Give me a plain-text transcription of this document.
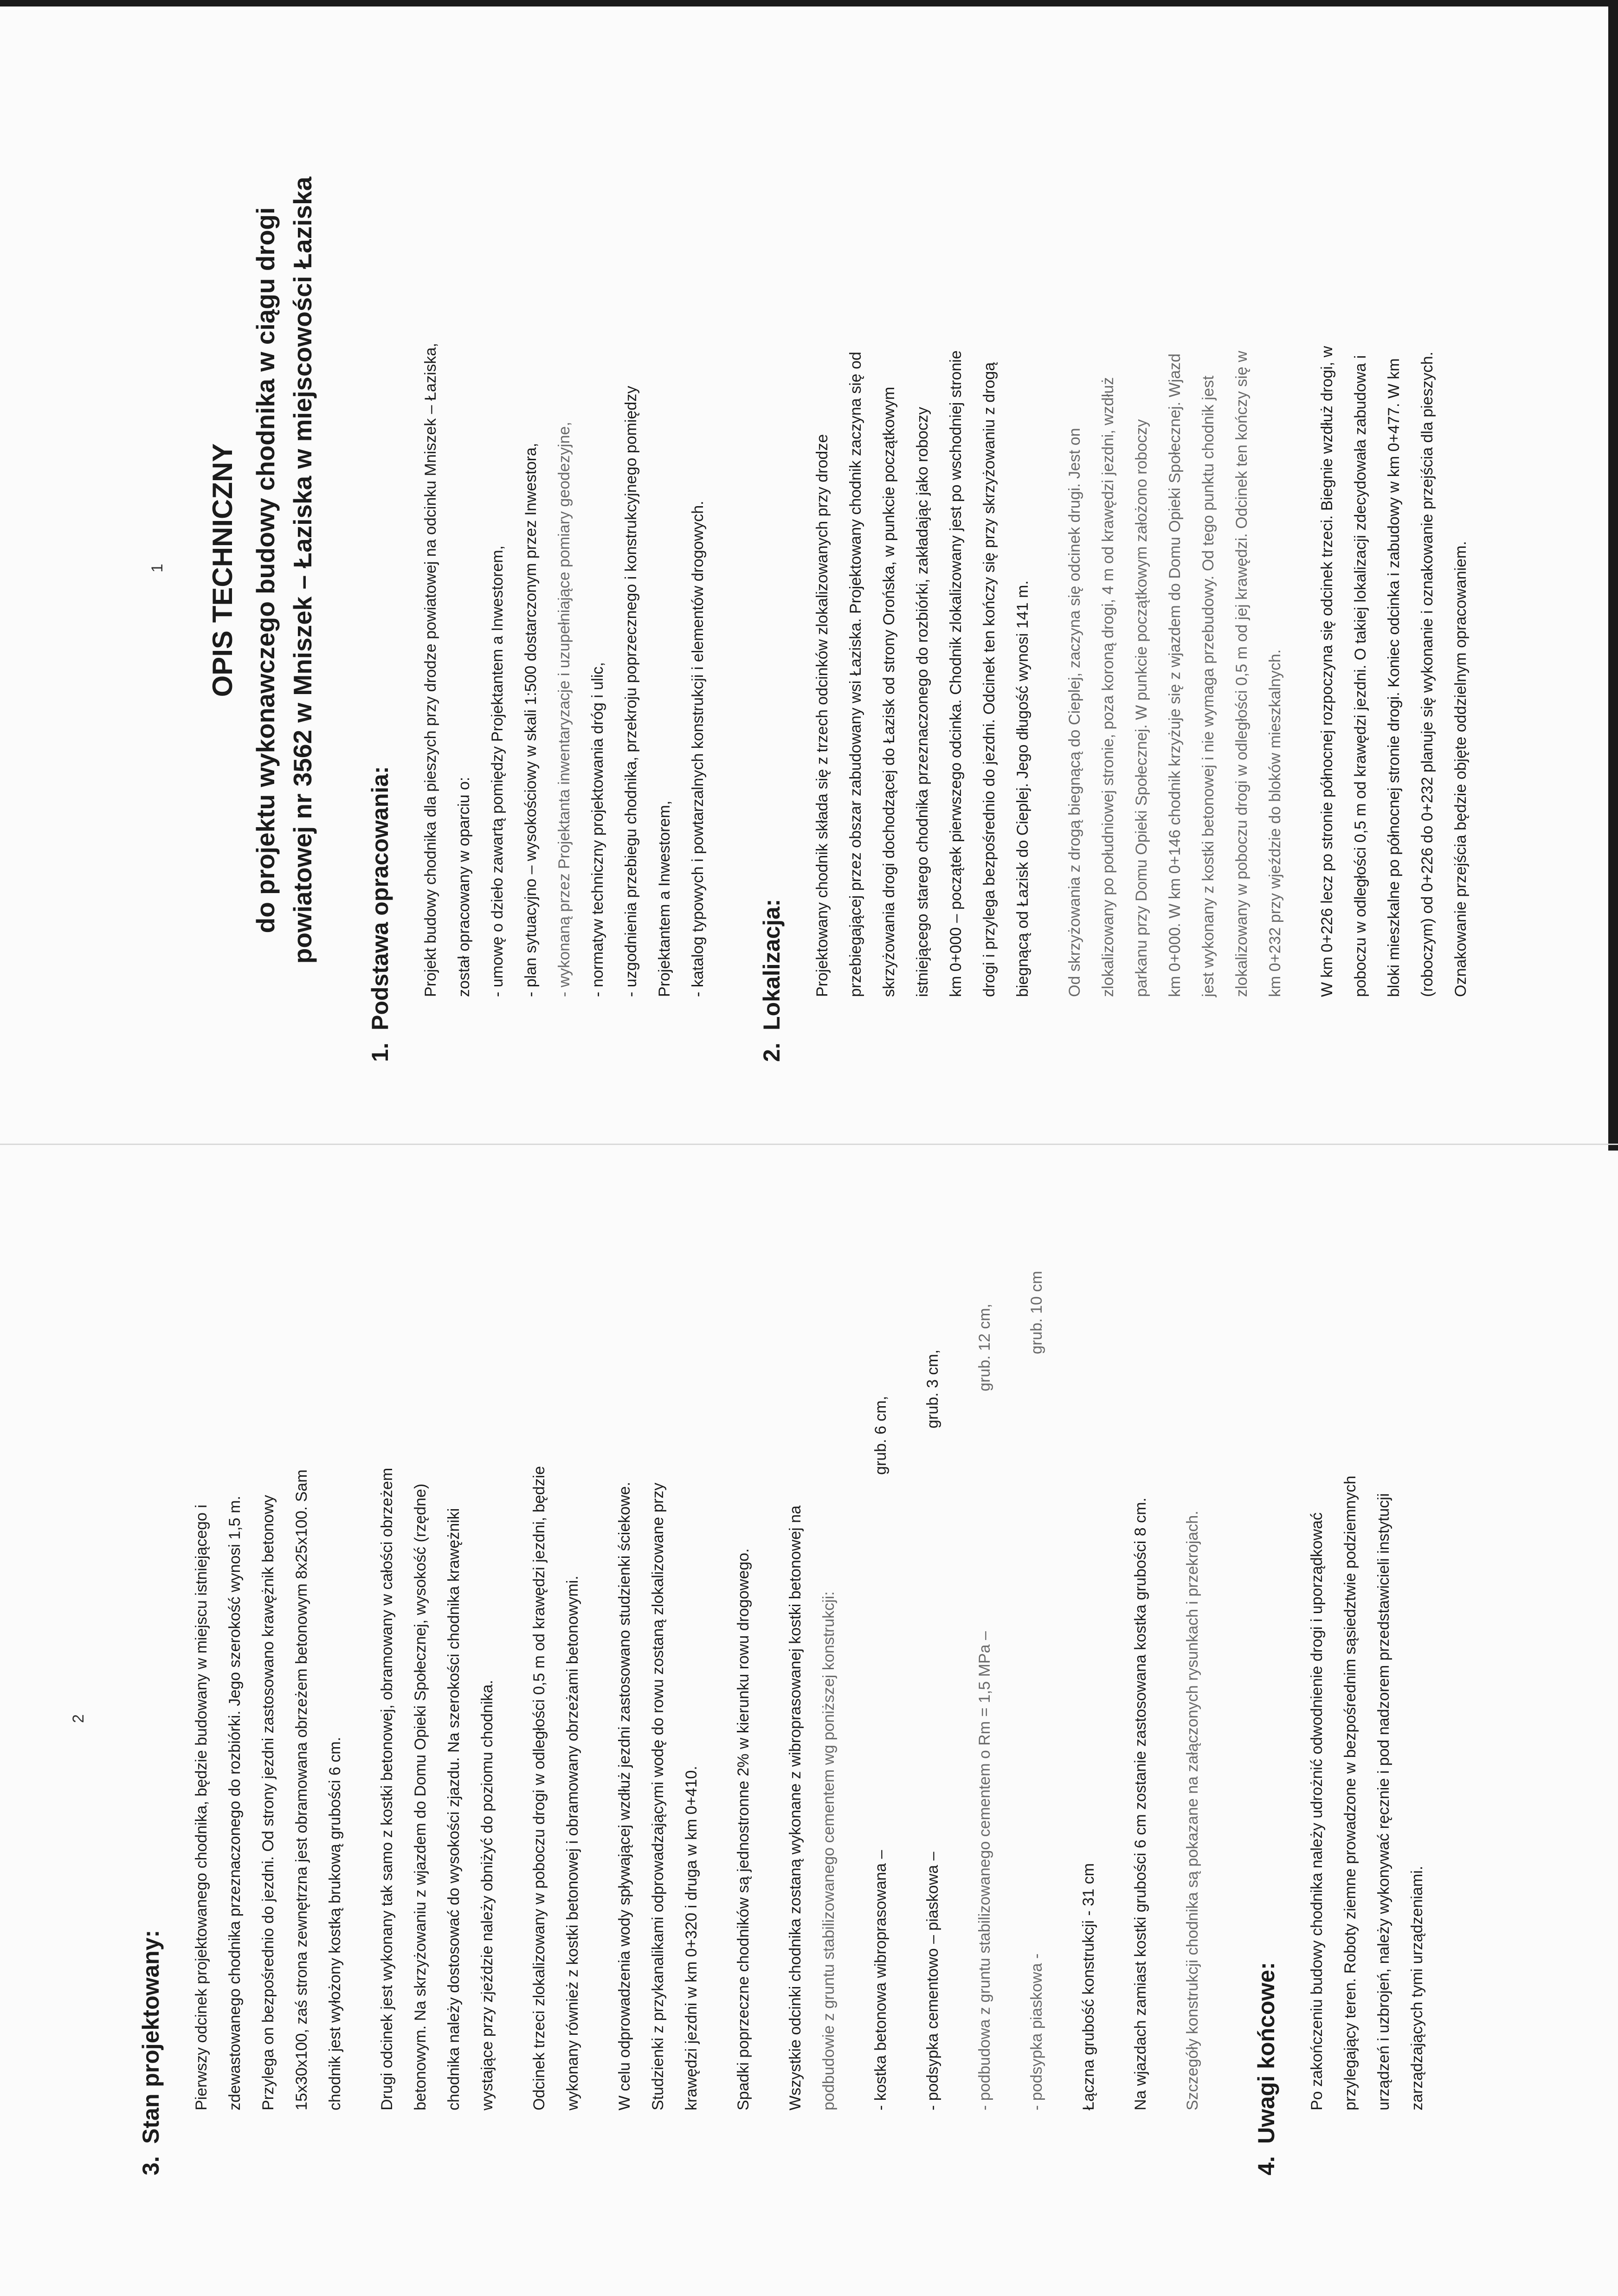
1 OPIS TECHNICZNY do projektu wykonawczego budowy chodnika w ciągu drogi powiatowej nr 3562 w Mniszek – Łaziska w miejscowości Łaziska
1.Podstawa opracowania:	Projekt budowy chodnika dla pieszych przy drodze powiatowej na odcinku Mniszek – Łaziska,	został opracowany w oparciu o:	- umowę o dzieło zawartą pomiędzy Projektantem a Inwestorem,	- plan sytuacyjno – wysokościowy w skali 1:500 dostarczonym przez Inwestora,	- wykonaną przez Projektanta inwentaryzacje i uzupełniające pomiary geodezyjne,	- normatyw techniczny projektowania dróg i ulic,	- uzgodnienia przebiegu chodnika, przekroju poprzecznego i konstrukcyjnego pomiędzy	Projektantem a Inwestorem,	- katalog typowych i powtarzalnych konstrukcji i elementów drogowych.
2.Lokalizacja:	Projektowany chodnik składa się z trzech odcinków zlokalizowanych przy drodze	przebiegającej przez obszar zabudowany wsi Łaziska. Projektowany chodnik zaczyna się od	skrzyżowania drogi dochodzącej do Łazisk od strony Orońska, w punkcie początkowym	istniejącego starego chodnika przeznaczonego do rozbiórki, zakładając jako roboczy	km 0+000 – początek pierwszego odcinka. Chodnik zlokalizowany jest po wschodniej stronie	drogi i przylega bezpośrednio do jezdni. Odcinek ten kończy się przy skrzyżowaniu z drogą	biegnącą od Łazisk do Cieplej. Jego długość wynosi 141 m.	Od skrzyżowania z drogą biegnącą do Cieplej, zaczyna się odcinek drugi. Jest on	zlokalizowany po południowej stronie, poza koroną drogi, 4 m od krawędzi jezdni, wzdłuż	parkanu przy Domu Opieki Społecznej. W punkcie początkowym założono roboczy	km 0+000. W km 0+146 chodnik krzyżuje się z wjazdem do Domu Opieki Społecznej. Wjazd	jest wykonany z kostki betonowej i nie wymaga przebudowy. Od tego punktu chodnik jest	zlokalizowany w poboczu drogi w odległości 0,5 m od jej krawędzi. Odcinek ten kończy się w	km 0+232 przy wjeździe do bloków mieszkalnych.	W km 0+226 lecz po stronie północnej rozpoczyna się odcinek trzeci. Biegnie wzdłuż drogi, w	poboczu w odległości 0,5 m od krawędzi jezdni. O takiej lokalizacji zdecydowała zabudowa i	bloki mieszkalne po północnej stronie drogi. Koniec odcinka i zabudowy w km 0+477. W km	(roboczym) od 0+226 do 0+232 planuje się wykonanie i oznakowanie przejścia dla pieszych.	Oznakowanie przejścia będzie objęte oddzielnym opracowaniem.
2
3.Stan projektowany:	Pierwszy odcinek projektowanego chodnika, będzie budowany w miejscu istniejącego i	zdewastowanego chodnika przeznaczonego do rozbiórki. Jego szerokość wynosi 1,5 m.	Przylega on bezpośrednio do jezdni. Od strony jezdni zastosowano krawężnik betonowy	15x30x100, zaś strona zewnętrzna jest obramowana obrzeżem betonowym 8x25x100. Sam	chodnik jest wyłożony kostką brukową grubości 6 cm.	Drugi odcinek jest wykonany tak samo z kostki betonowej, obramowany w całości obrzeżem	betonowym. Na skrzyżowaniu z wjazdem do Domu Opieki Społecznej, wysokość (rzędne)	chodnika należy dostosować do wysokości zjazdu. Na szerokości chodnika krawężniki	wystające przy zjeździe należy obniżyć do poziomu chodnika.	Odcinek trzeci zlokalizowany w poboczu drogi w odległości 0,5 m od krawędzi jezdni, będzie	wykonany również z kostki betonowej i obramowany obrzeżami betonowymi.	W celu odprowadzenia wody spływającej wzdłuż jezdni zastosowano studzienki ściekowe.	Studzienki z przykanalikami odprowadzającymi wodę do rowu zostaną zlokalizowane przy	krawędzi jezdni w km 0+320 i druga w km 0+410.	Spadki poprzeczne chodników są jednostronne 2% w kierunku rowu drogowego.	Wszystkie odcinki chodnika zostaną wykonane z wibroprasowanej kostki betonowej na	podbudowie z gruntu stabilizowanego cementem wg poniższej konstrukcji:	- kostka betonowa wibroprasowana –
grub. 6 cm,
- podsypka cementowo – piaskowa –
grub. 3 cm,
- podbudowa z gruntu stabilizowanego cementem o Rm = 1,5 MPa –
grub. 12 cm,
- podsypka piaskowa -
grub. 10 cm
Łączna grubość konstrukcji - 31 cm	Na wjazdach zamiast kostki grubości 6 cm zostanie zastosowana kostka grubości 8 cm.	Szczegóły konstrukcji chodnika są pokazane na załączonych rysunkach i przekrojach.
4.Uwagi końcowe:	Po zakończeniu budowy chodnika należy udrożnić odwodnienie drogi i uporządkować	przylegający teren. Roboty ziemne prowadzone w bezpośrednim sąsiedztwie podziemnych	urządzeń i uzbrojeń, należy wykonywać ręcznie i pod nadzorem przedstawicieli instytucji	zarządzających tymi urządzeniami.
